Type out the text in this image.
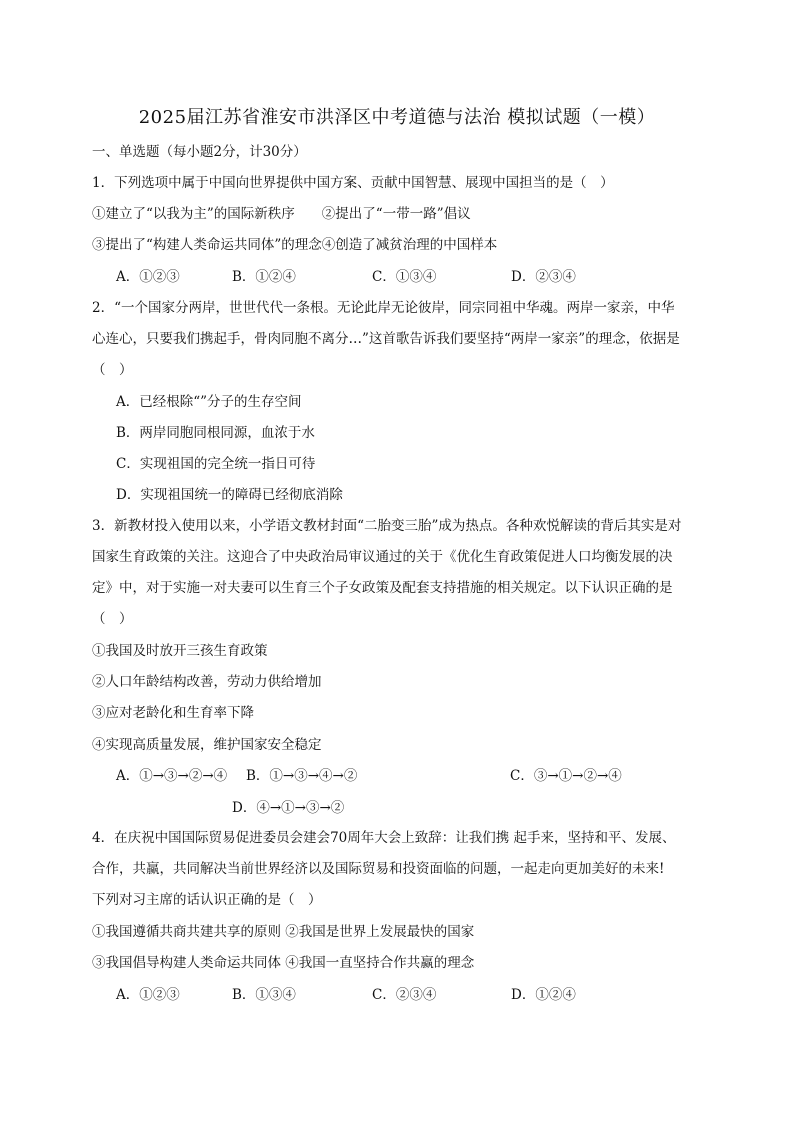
2025届江苏省淮安市洪泽区中考道德与法治 模拟试题（一模）
一、单选题（每小题2分，计30分）
1．下列选项中属于中国向世界提供中国方案、贡献中国智慧、展现中国担当的是（　）
①建立了“以我为主”的国际新秩序　　②提出了“一带一路”倡议
③提出了“构建人类命运共同体”的理念④创造了减贫治理的中国样本
A．①②③	B．①②④	C．①③④	D．②③④
2．“一个国家分两岸，世世代代一条根。无论此岸无论彼岸，同宗同祖中华魂。两岸一家亲，中华
心连心，只要我们携起手，骨肉同胞不离分…”这首歌告诉我们要坚持“两岸一家亲”的理念，依据是
（　）
A．已经根除“”分子的生存空间
B．两岸同胞同根同源，血浓于水
C．实现祖国的完全统一指日可待
D．实现祖国统一的障碍已经彻底消除
3．新教材投入使用以来，小学语文教材封面“二胎变三胎”成为热点。各种欢悦解读的背后其实是对
国家生育政策的关注。这迎合了中央政治局审议通过的关于《优化生育政策促进人口均衡发展的决
定》中，对于实施一对夫妻可以生育三个子女政策及配套支持措施的相关规定。以下认识正确的是
（　）
①我国及时放开三孩生育政策
②人口年龄结构改善，劳动力供给增加
③应对老龄化和生育率下降
④实现高质量发展，维护国家安全稳定
A．①→③→②→④ B．①→③→④→②	C．③→①→②→④
D．④→①→③→②
4．在庆祝中国国际贸易促进委员会建会70周年大会上致辞：让我们携 起手来，坚持和平、发展、
合作，共赢，共同解决当前世界经济以及国际贸易和投资面临的问题，一起走向更加美好的未来!
下列对习主席的话认识正确的是（　）
①我国遵循共商共建共享的原则 ②我国是世界上发展最快的国家
③我国倡导构建人类命运共同体 ④我国一直坚持合作共赢的理念
A．①②③	B．①③④	C．②③④	D．①②④
